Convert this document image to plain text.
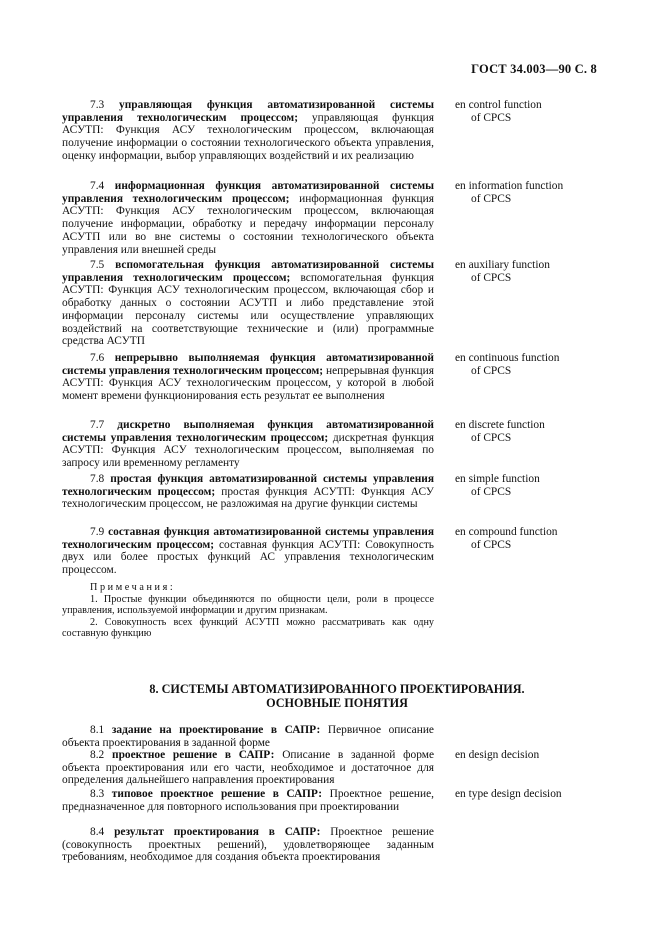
ГОСТ 34.003—90 С. 8
7.3 управляющая функция автоматизированной системы управления технологическим процессом; управляющая функция АСУТП: Функция АСУ технологическим процессом, включающая получение информации о состоянии технологического объекта управления, оценку информации, выбор управляющих воздействий и их реализацию
en control function
of CPCS
7.4 информационная функция автоматизированной системы управления технологическим процессом; информационная функция АСУТП: Функция АСУ технологическим процессом, включающая получение информации, обработку и передачу информации персоналу АСУТП или во вне системы о состоянии технологического объекта управления или внешней среды
en information function
of CPCS
7.5 вспомогательная функция автоматизированной системы управления технологическим процессом; вспомогательная функция АСУТП: Функция АСУ технологическим процессом, включающая сбор и обработку данных о состоянии АСУТП и либо представление этой информации персоналу системы или осуществление управляющих воздействий на соответствующие технические и (или) программные средства АСУТП
en auxiliary function
of CPCS
7.6 непрерывно выполняемая функция автоматизированной системы управления технологическим процессом; непрерывная функция АСУТП: Функция АСУ технологическим процессом, у которой в любой момент времени функционирования есть результат ее выполнения
en continuous function
of CPCS
7.7 дискретно выполняемая функция автоматизированной системы управления технологическим процессом; дискретная функция АСУТП: Функция АСУ технологическим процессом, выполняемая по запросу или временному регламенту
en discrete function
of CPCS
7.8 простая функция автоматизированной системы управления технологическим процессом; простая функция АСУТП: Функция АСУ технологическим процессом, не разложимая на другие функции системы
en simple function
of CPCS
7.9 составная функция автоматизированной системы управления технологическим процессом; составная функция АСУТП: Совокупность двух или более простых функций АС управления технологическим процессом.
en compound function
of CPCS
Примечания:
1. Простые функции объединяются по общности цели, роли в процессе управления, используемой информации и другим признакам.
2. Совокупность всех функций АСУТП можно рассматривать как одну составную функцию
8. СИСТЕМЫ АВТОМАТИЗИРОВАННОГО ПРОЕКТИРОВАНИЯ.
ОСНОВНЫЕ ПОНЯТИЯ
8.1 задание на проектирование в САПР: Первичное описание объекта проектирования в заданной форме
8.2 проектное решение в САПР: Описание в заданной форме объекта проектирования или его части, необходимое и достаточное для определения дальнейшего направления проектирования
en design decision
8.3 типовое проектное решение в САПР: Проектное решение, предназначенное для повторного использования при проектировании
en type design decision
8.4 результат проектирования в САПР: Проектное решение (совокупность проектных решений), удовлетворяющее заданным требованиям, необходимое для создания объекта проектирования
